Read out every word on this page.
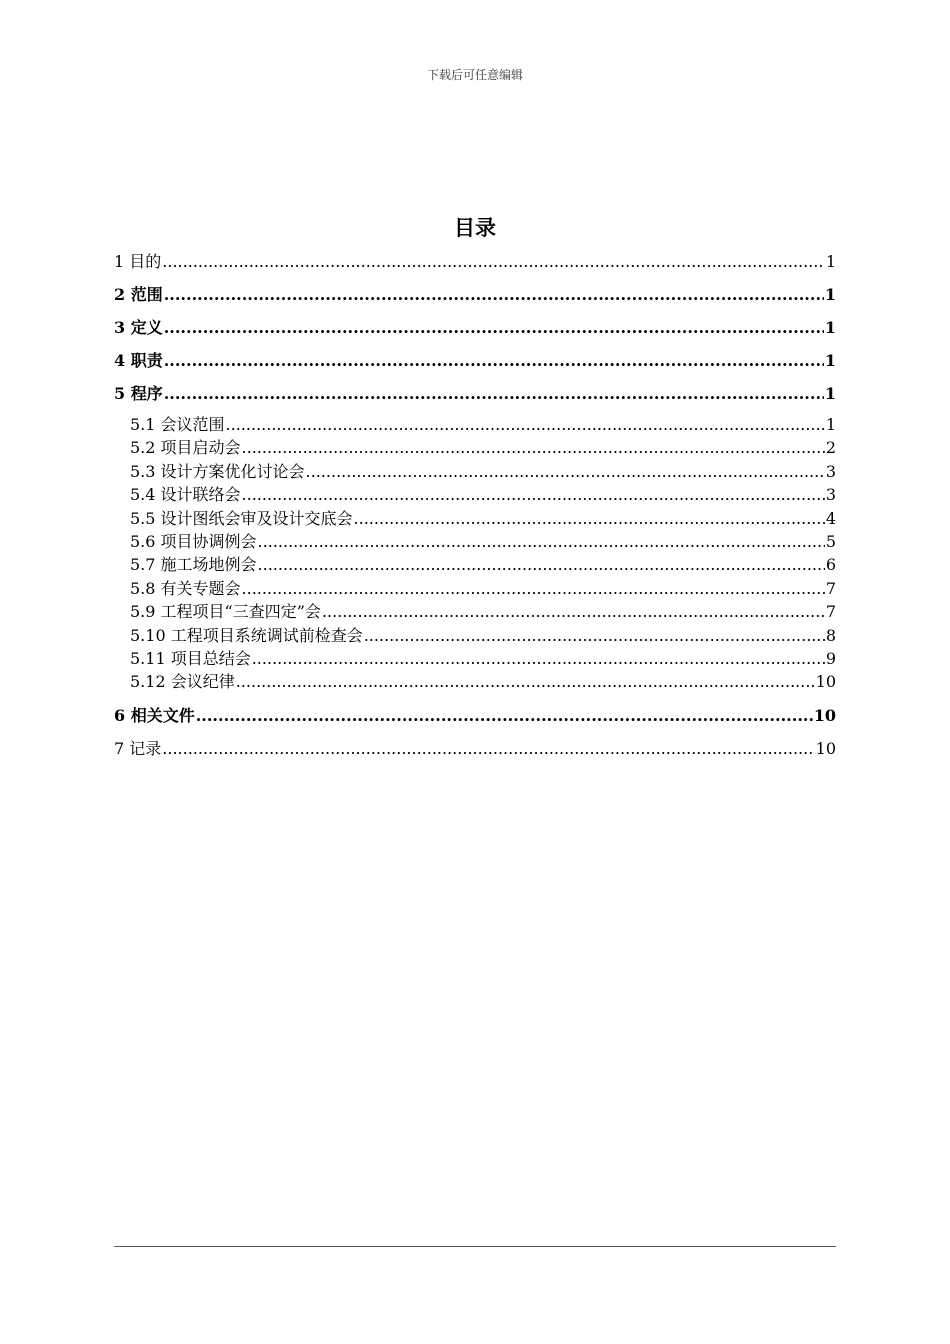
下载后可任意编辑
目录
1 目的 .....	1
2 范围 .....	1
3 定义 .....	1
4 职责 .....	1
5 程序 .....	1
5.1 会议范围 .....	1
5.2 项目启动会 .....	2
5.3 设计方案优化讨论会 .....	3
5.4 设计联络会 .....	3
5.5 设计图纸会审及设计交底会 .....	4
5.6 项目协调例会 .....	5
5.7 施工场地例会 .....	6
5.8 有关专题会 .....	7
5.9 工程项目“三查四定”会 .....	7
5.10 工程项目系统调试前检查会 .....	8
5.11 项目总结会 .....	9
5.12 会议纪律 .....	10
6 相关文件 .....	10
7 记录 .....	10
